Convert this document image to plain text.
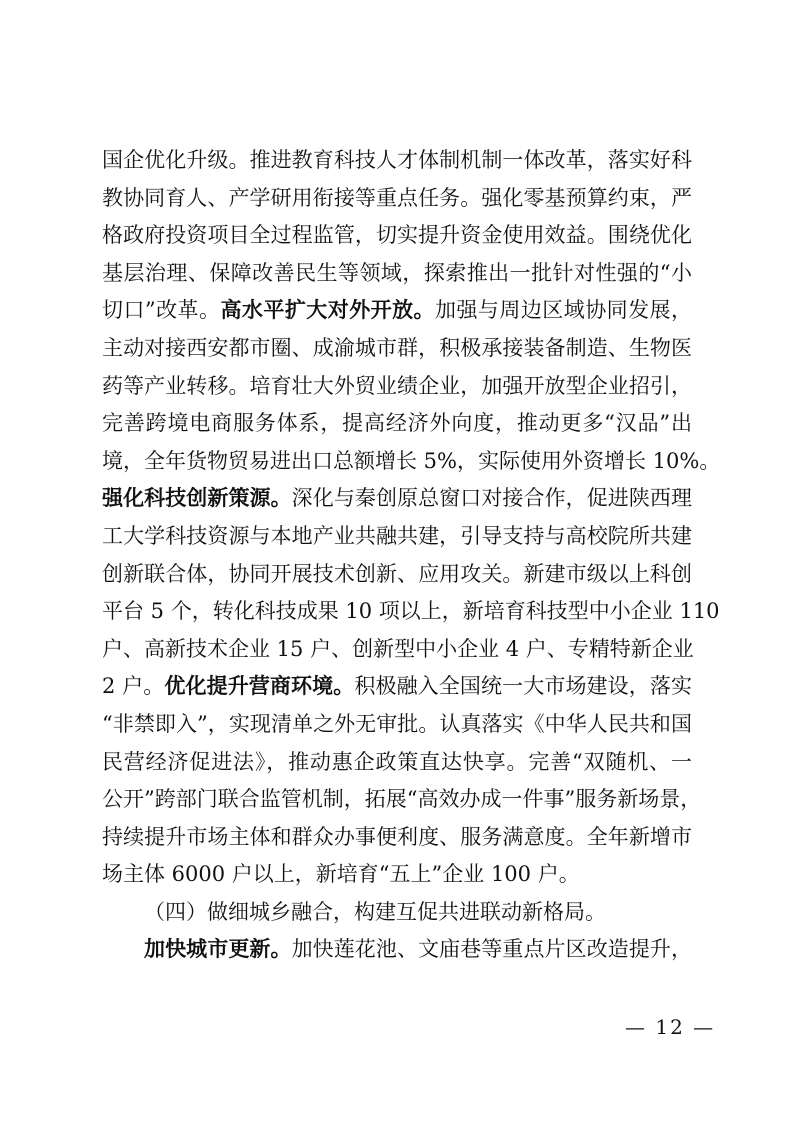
国企优化升级。推进教育科技人才体制机制一体改革，落实好科
教协同育人、产学研用衔接等重点任务。强化零基预算约束，严
格政府投资项目全过程监管，切实提升资金使用效益。围绕优化
基层治理、保障改善民生等领域，探索推出一批针对性强的“小
切口”改革。高水平扩大对外开放。加强与周边区域协同发展，
主动对接西安都市圈、成渝城市群，积极承接装备制造、生物医
药等产业转移。培育壮大外贸业绩企业，加强开放型企业招引，
完善跨境电商服务体系，提高经济外向度，推动更多“汉品”出
境，全年货物贸易进出口总额增长 5%，实际使用外资增长 10%。
强化科技创新策源。深化与秦创原总窗口对接合作，促进陕西理
工大学科技资源与本地产业共融共建，引导支持与高校院所共建
创新联合体，协同开展技术创新、应用攻关。新建市级以上科创
平台 5 个，转化科技成果 10 项以上，新培育科技型中小企业 110
户、高新技术企业 15 户、创新型中小企业 4 户、专精特新企业
2 户。优化提升营商环境。积极融入全国统一大市场建设，落实
“非禁即入”，实现清单之外无审批。认真落实《中华人民共和国
民营经济促进法》，推动惠企政策直达快享。完善“双随机、一
公开”跨部门联合监管机制，拓展“高效办成一件事”服务新场景，
持续提升市场主体和群众办事便利度、服务满意度。全年新增市
场主体 6000 户以上，新培育“五上”企业 100 户。
（四）做细城乡融合，构建互促共进联动新格局。
加快城市更新。加快莲花池、文庙巷等重点片区改造提升，
— 12 —
